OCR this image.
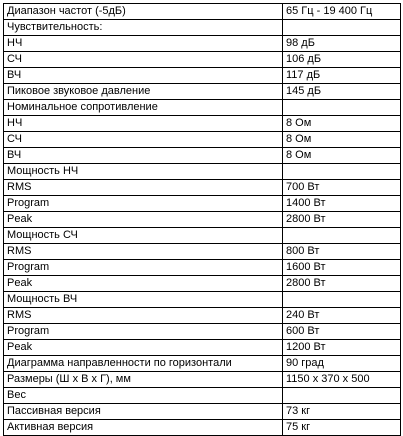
Диапазон частот (-5дБ)	65 Гц - 19 400 Гц
Чувствительность:	
НЧ	98 дБ
СЧ	106 дБ
ВЧ	117 дБ
Пиковое звуковое давление	145 дБ
Номинальное сопротивление	
НЧ	8 Ом
СЧ	8 Ом
ВЧ	8 Ом
Мощность НЧ	
RMS	700 Вт
Program	1400 Вт
Peak	2800 Вт
Мощность СЧ	
RMS	800 Вт
Program	1600 Вт
Peak	2800 Вт
Мощность ВЧ	
RMS	240 Вт
Program	600 Вт
Peak	1200 Вт
Диаграмма направленности по горизонтали	90 град
Размеры (Ш x В x Г), мм	1150 x 370 x 500
Вес	
Пассивная версия	73 кг
Активная версия	75 кг
